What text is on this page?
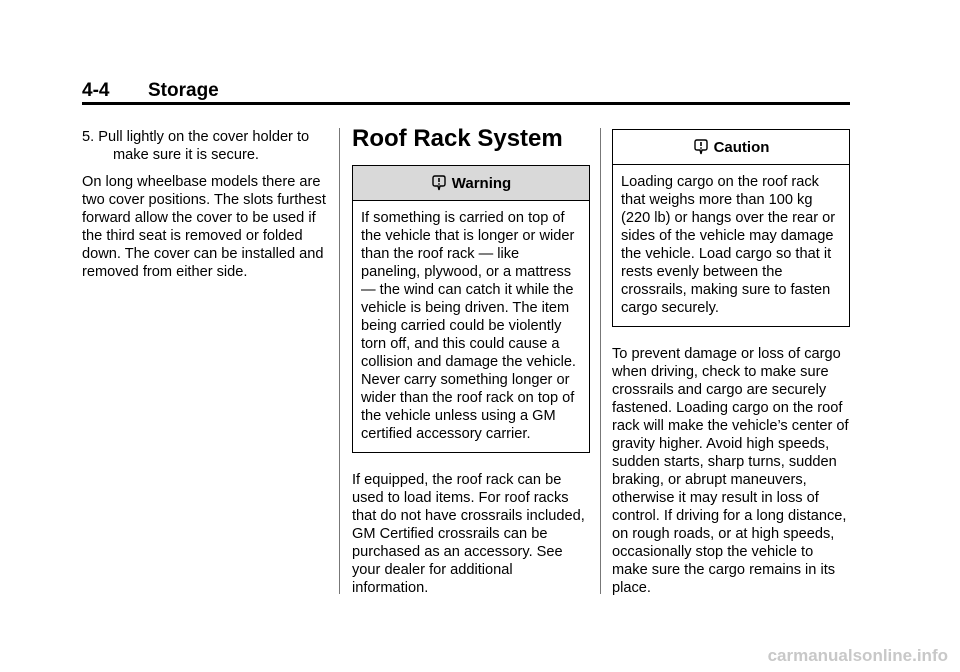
4-4 Storage

5. Pull lightly on the cover holder to make sure it is secure.

On long wheelbase models there are two cover positions. The slots furthest forward allow the cover to be used if the third seat is removed or folded down. The cover can be installed and removed from either side.

Roof Rack System
Warning
If something is carried on top of the vehicle that is longer or wider than the roof rack — like paneling, plywood, or a mattress — the wind can catch it while the vehicle is being driven. The item being carried could be violently torn off, and this could cause a collision and damage the vehicle. Never carry something longer or wider than the roof rack on top of the vehicle unless using a GM certified accessory carrier.

If equipped, the roof rack can be used to load items. For roof racks that do not have crossrails included, GM Certified crossrails can be purchased as an accessory. See your dealer for additional information.

Caution
Loading cargo on the roof rack that weighs more than 100 kg (220 lb) or hangs over the rear or sides of the vehicle may damage the vehicle. Load cargo so that it rests evenly between the crossrails, making sure to fasten cargo securely.

To prevent damage or loss of cargo when driving, check to make sure crossrails and cargo are securely fastened. Loading cargo on the roof rack will make the vehicle’s center of gravity higher. Avoid high speeds, sudden starts, sharp turns, sudden braking, or abrupt maneuvers, otherwise it may result in loss of control. If driving for a long distance, on rough roads, or at high speeds, occasionally stop the vehicle to make sure the cargo remains in its place.

carmanualsonline.info
